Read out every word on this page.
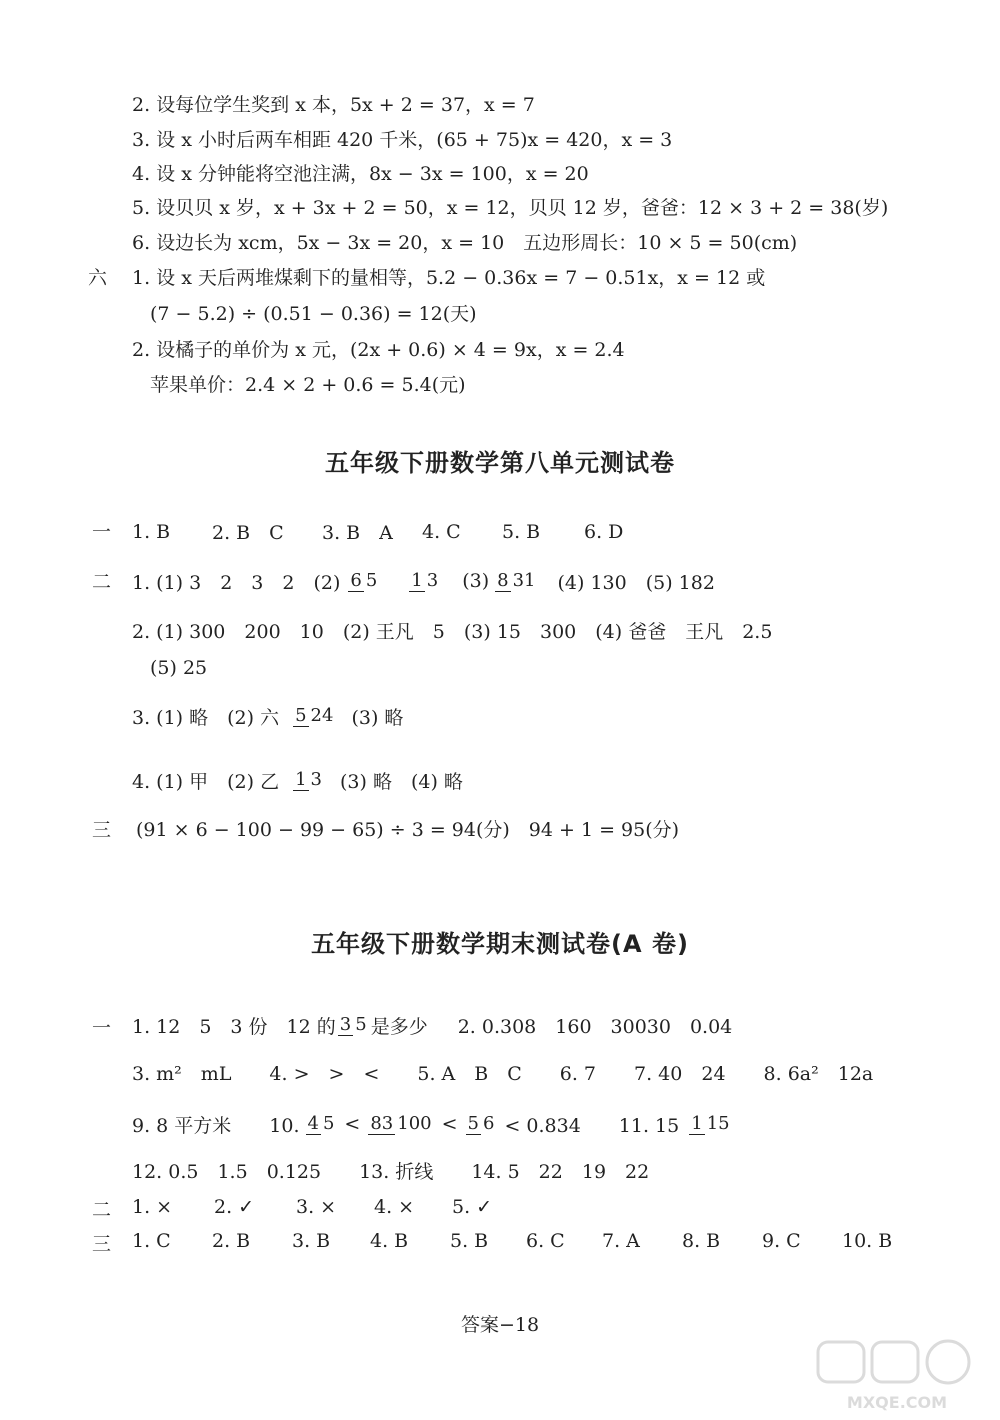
2. 设每位学生奖到 x 本，5x + 2 = 37，x = 7
3. 设 x 小时后两车相距 420 千米，(65 + 75)x = 420，x = 3
4. 设 x 分钟能将空池注满，8x − 3x = 100，x = 20
5. 设贝贝 x 岁，x + 3x + 2 = 50，x = 12，贝贝 12 岁，爸爸：12 × 3 + 2 = 38(岁)
6. 设边长为 xcm，5x − 3x = 20，x = 10　五边形周长：10 × 5 = 50(cm)
六 1. 设 x 天后两堆煤剩下的量相等，5.2 − 0.36x = 7 − 0.51x，x = 12 或
(7 − 5.2) ÷ (0.51 − 0.36) = 12(天)
2. 设橘子的单价为 x 元，(2x + 0.6) × 4 = 9x，x = 2.4
苹果单价：2.4 × 2 + 0.6 = 5.4(元)
五年级下册数学第八单元测试卷
一 1. B	2. B　C	3. B　A	4. C	5. B	6. D
二 1. (1) 3　2　3　2　(2) 6 5 1 3 (3) 8 31 (4) 130　(5) 182
2. (1) 300　200　10　(2) 王凡　5　(3) 15　300　(4) 爸爸　王凡　2.5
(5) 25
3. (1) 略　(2) 六 5 24 (3) 略
4. (1) 甲　(2) 乙 1 3 (3) 略　(4) 略
三 (91 × 6 − 100 − 99 − 65) ÷ 3 = 94(分)　94 + 1 = 95(分)
五年级下册数学期末测试卷(A 卷)
一 1. 12　5　3 份　12 的 3 5 是多少 2. 0.308　160　30030　0.04
3. m²　mL　　4. >　>　<　　5. A　B　C　　6. 7　　7. 40　24　　8. 6a²　12a
9. 8 平方米　　10. 4 5 < 83 100 < 5 6 < 0.834　　11. 15 1 15
12. 0.5　1.5　0.125　　13. 折线　　14. 5　22　19　22
二 1. ×	2. ✓	3. ×	4. ×	5. ✓
三 1. C	2. B	3. B	4. B	5. B	6. C	7. A	8. B	9. C	10. B
答案−18
MXQE.COM
